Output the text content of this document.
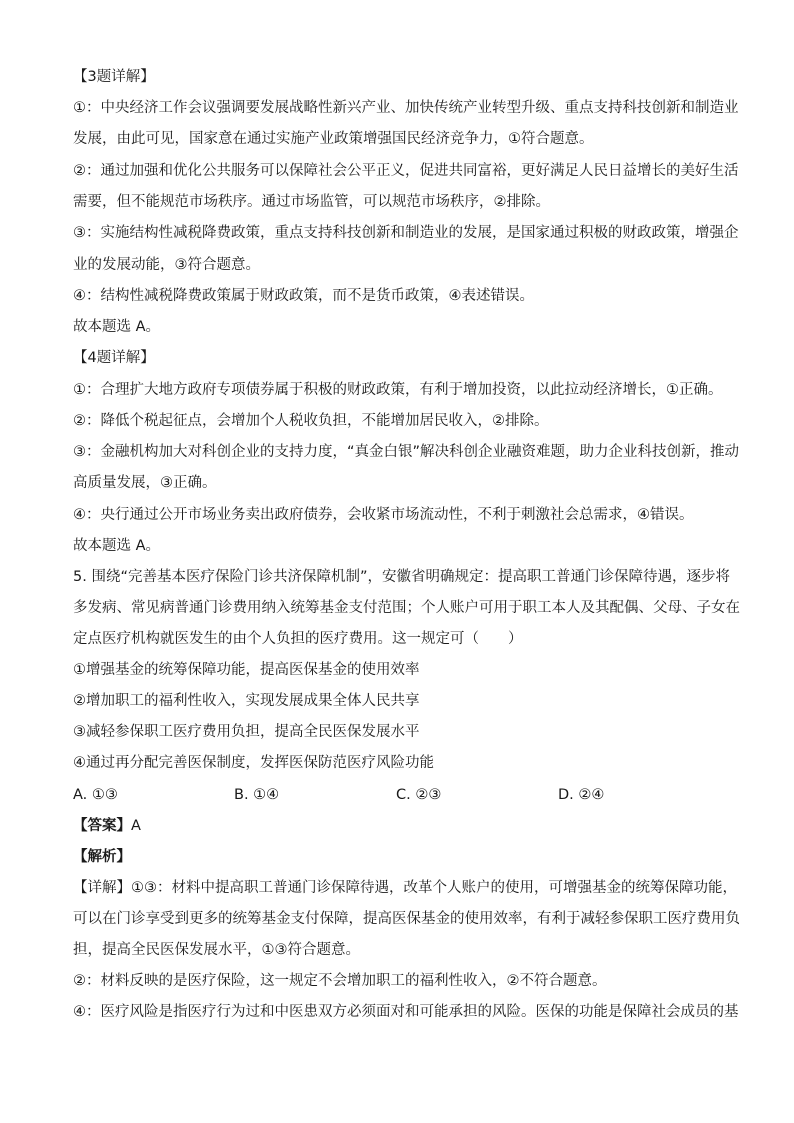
【3题详解】
①：中央经济工作会议强调要发展战略性新兴产业、加快传统产业转型升级、重点支持科技创新和制造业
发展，由此可见，国家意在通过实施产业政策增强国民经济竞争力，①符合题意。
②：通过加强和优化公共服务可以保障社会公平正义，促进共同富裕，更好满足人民日益增长的美好生活
需要，但不能规范市场秩序。通过市场监管，可以规范市场秩序，②排除。
③：实施结构性减税降费政策，重点支持科技创新和制造业的发展，是国家通过积极的财政政策，增强企
业的发展动能，③符合题意。
④：结构性减税降费政策属于财政政策，而不是货币政策，④表述错误。
故本题选 A。
【4题详解】
①：合理扩大地方政府专项债券属于积极的财政政策，有利于增加投资，以此拉动经济增长，①正确。
②：降低个税起征点，会增加个人税收负担，不能增加居民收入，②排除。
③：金融机构加大对科创企业的支持力度，“真金白银”解决科创企业融资难题，助力企业科技创新，推动
高质量发展，③正确。
④：央行通过公开市场业务卖出政府债券，会收紧市场流动性，不利于刺激社会总需求，④错误。
故本题选 A。
5. 围绕“完善基本医疗保险门诊共济保障机制”，安徽省明确规定：提高职工普通门诊保障待遇，逐步将
多发病、常见病普通门诊费用纳入统筹基金支付范围；个人账户可用于职工本人及其配偶、父母、子女在
定点医疗机构就医发生的由个人负担的医疗费用。这一规定可（　　）
①增强基金的统筹保障功能，提高医保基金的使用效率
②增加职工的福利性收入，实现发展成果全体人民共享
③减轻参保职工医疗费用负担，提高全民医保发展水平
④通过再分配完善医保制度，发挥医保防范医疗风险功能
A. ①③	B. ①④	C. ②③	D. ②④
【答案】A
【解析】
【详解】①③：材料中提高职工普通门诊保障待遇，改革个人账户的使用，可增强基金的统筹保障功能，
可以在门诊享受到更多的统筹基金支付保障，提高医保基金的使用效率，有利于减轻参保职工医疗费用负
担，提高全民医保发展水平，①③符合题意。
②：材料反映的是医疗保险，这一规定不会增加职工的福利性收入，②不符合题意。
④：医疗风险是指医疗行为过和中医患双方必须面对和可能承担的风险。医保的功能是保障社会成员的基
